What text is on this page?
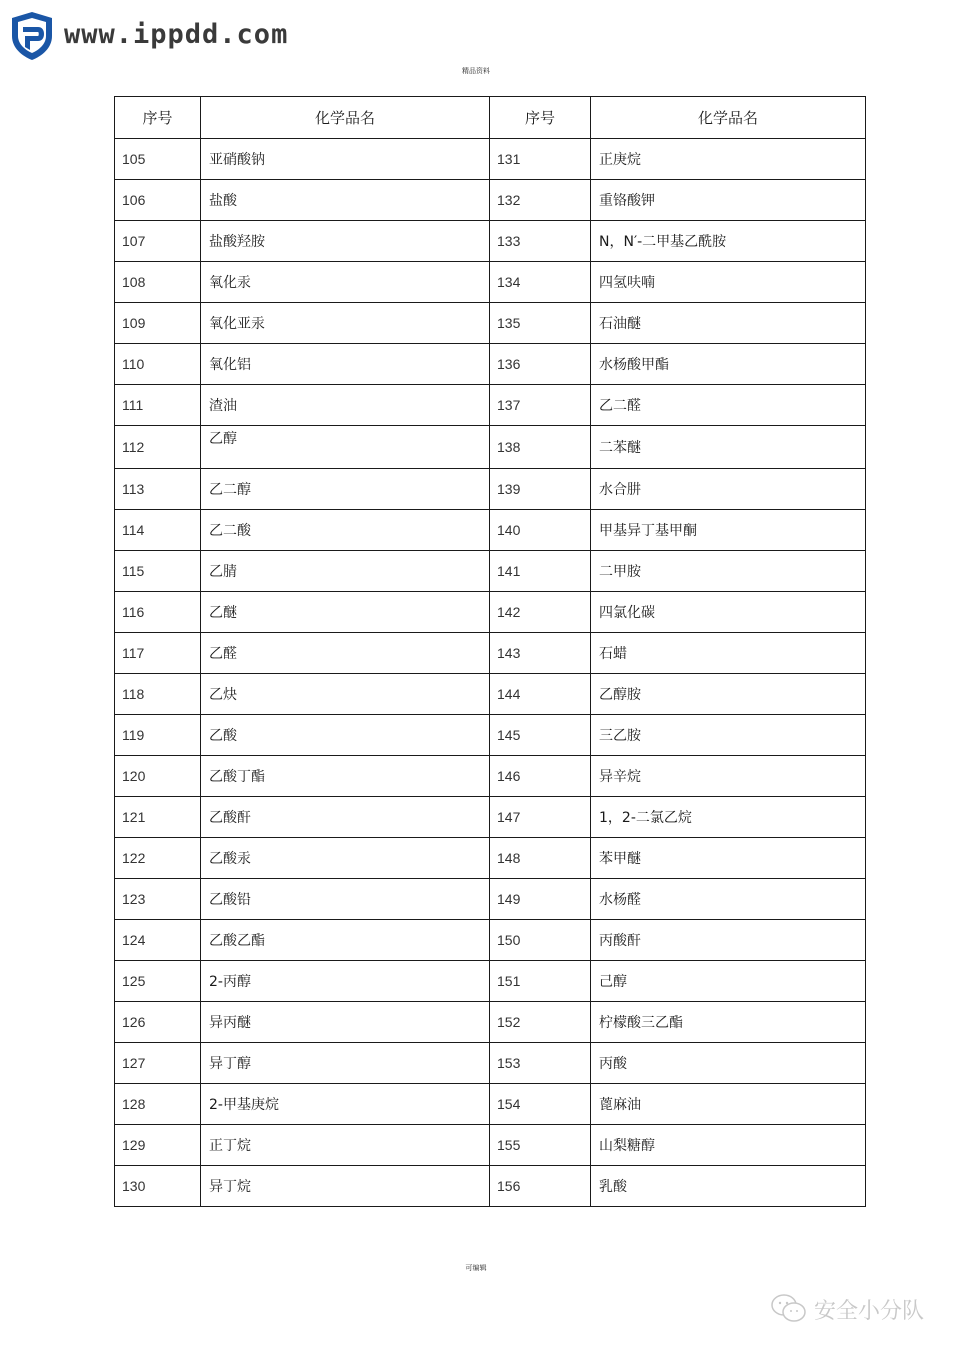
www.ippdd.com
精品资料
序号	化学品名	序号	化学品名
105	亚硝酸钠	131	正庚烷
106	盐酸	132	重铬酸钾
107	盐酸羟胺	133	N，N′-二甲基乙酰胺
108	氧化汞	134	四氢呋喃
109	氧化亚汞	135	石油醚
110	氧化铝	136	水杨酸甲酯
111	渣油	137	乙二醛
112	乙醇	138	二苯醚
113	乙二醇	139	水合肼
114	乙二酸	140	甲基异丁基甲酮
115	乙腈	141	二甲胺
116	乙醚	142	四氯化碳
117	乙醛	143	石蜡
118	乙炔	144	乙醇胺
119	乙酸	145	三乙胺
120	乙酸丁酯	146	异辛烷
121	乙酸酐	147	1，2-二氯乙烷
122	乙酸汞	148	苯甲醚
123	乙酸铅	149	水杨醛
124	乙酸乙酯	150	丙酸酐
125	2-丙醇	151	己醇
126	异丙醚	152	柠檬酸三乙酯
127	异丁醇	153	丙酸
128	2-甲基庚烷	154	蓖麻油
129	正丁烷	155	山梨糖醇
130	异丁烷	156	乳酸
可编辑
安全小分队
